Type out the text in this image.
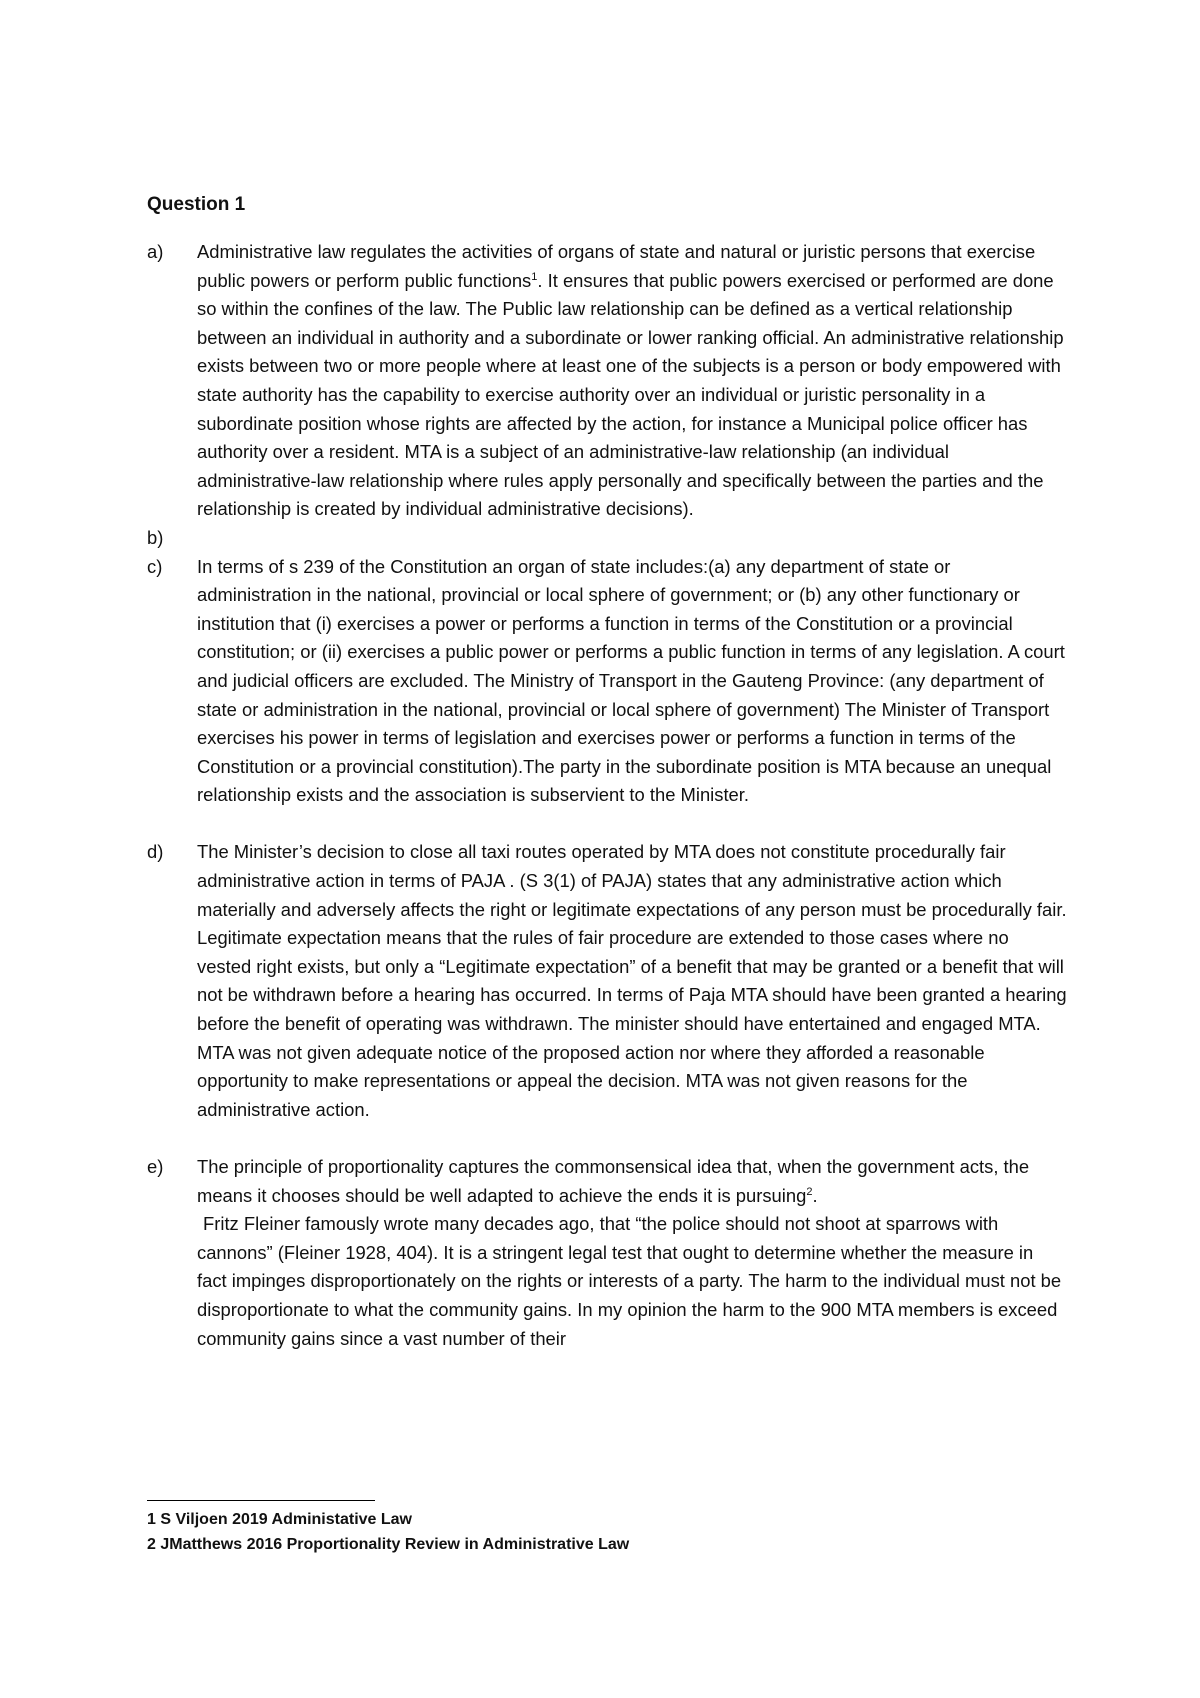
Question 1
a)	Administrative law regulates the activities of organs of state and natural or juristic persons that exercise public powers or perform public functions$^1$. It ensures that public powers exercised or performed are done so within the confines of the law. The Public law relationship can be defined as a vertical relationship between an individual in authority and a subordinate or lower ranking official. An administrative relationship exists between two or more people where at least one of the subjects is a person or body empowered with state authority has the capability to exercise authority over an individual or juristic personality in a subordinate position whose rights are affected by the action, for instance a Municipal police officer has authority over a resident. MTA is a subject of an administrative-law relationship (an individual administrative-law relationship where rules apply personally and specifically between the parties and the relationship is created by individual administrative decisions).
b)
c)	In terms of s 239 of the Constitution an organ of state includes:(a) any department of state or administration in the national, provincial or local sphere of government; or (b) any other functionary or institution that (i) exercises a power or performs a function in terms of the Constitution or a provincial constitution; or (ii) exercises a public power or performs a public function in terms of any legislation. A court and judicial officers are excluded. The Ministry of Transport in the Gauteng Province: (any department of state or administration in the national, provincial or local sphere of government) The Minister of Transport exercises his power in terms of legislation and exercises power or performs a function in terms of the Constitution or a provincial constitution).The party in the subordinate position is MTA because an unequal relationship exists and the association is subservient to the Minister.
d)	The Minister’s decision to close all taxi routes operated by MTA does not constitute procedurally fair administrative action in terms of PAJA . (S 3(1) of PAJA) states that any administrative action which materially and adversely affects the right or legitimate expectations of any person must be procedurally fair. Legitimate expectation means that the rules of fair procedure are extended to those cases where no vested right exists, but only a “Legitimate expectation” of a benefit that may be granted or a benefit that will not be withdrawn before a hearing has occurred. In terms of Paja MTA should have been granted a hearing before the benefit of operating was withdrawn. The minister should have entertained and engaged MTA. MTA was not given adequate notice of the proposed action nor where they afforded a reasonable opportunity to make representations or appeal the decision. MTA was not given reasons for the administrative action.
e)	The principle of proportionality captures the commonsensical idea that, when the government acts, the means it chooses should be well adapted to achieve the ends it is pursuing$^2$.
Fritz Fleiner famously wrote many decades ago, that “the police should not shoot at sparrows with cannons” (Fleiner 1928, 404). It is a stringent legal test that ought to determine whether the measure in fact impinges disproportionately on the rights or interests of a party. The harm to the individual must not be disproportionate to what the community gains. In my opinion the harm to the 900 MTA members is exceed community gains since a vast number of their
1 S Viljoen 2019 Administative Law
2 JMatthews 2016 Proportionality Review in Administrative Law
